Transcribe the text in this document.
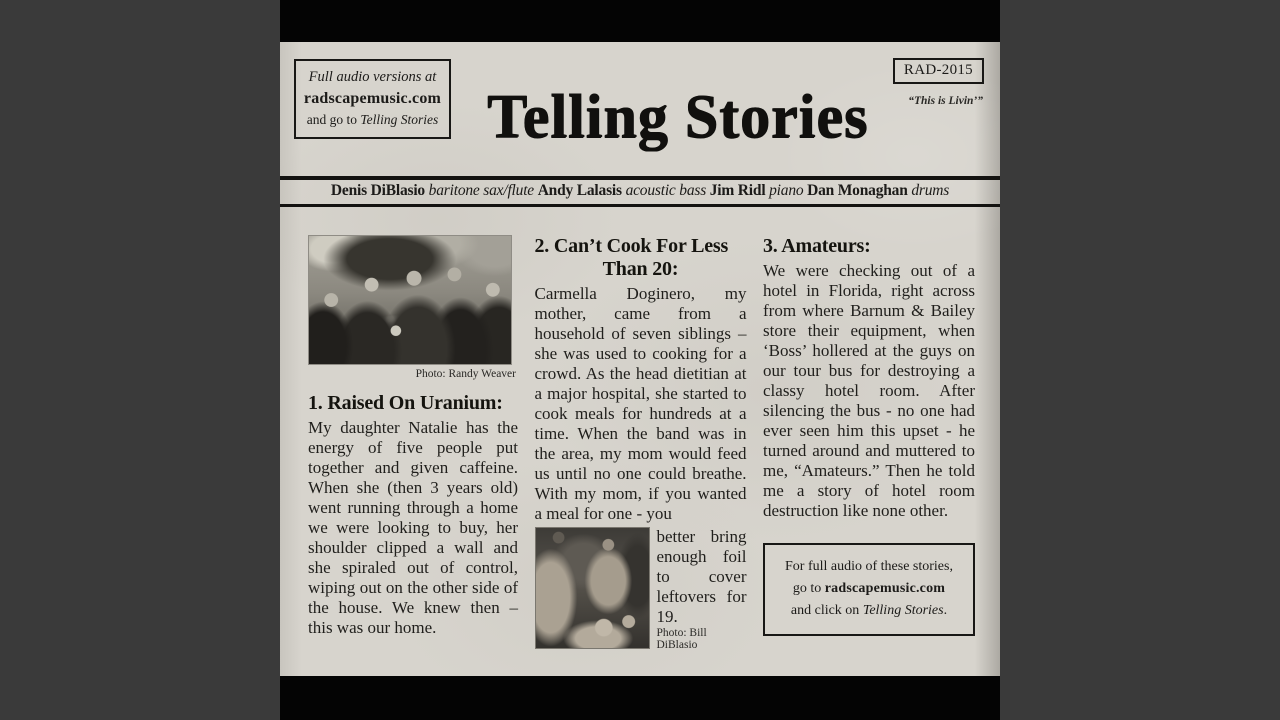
Full audio versions at
radscapemusic.com
and go to Telling Stories Telling Stories
RAD-2015
“This is Livin’”
Denis DiBlasio baritone sax/flute Andy Lalasis acoustic bass Jim Ridl piano Dan Monaghan drums
Photo: Randy Weaver
1. Raised On Uranium:
My daughter Natalie has the energy of five people put together and given caffeine. When she (then 3 years old) went running through a home we were looking to buy, her shoulder clipped a wall and she spiraled out of control, wiping out on the other side of the house. We knew then – this was our home.
2. Can’t Cook For Less
Than 20:
Carmella Doginero, my mother, came from a household of seven siblings – she was used to cooking for a crowd. As the head dietitian at a major hospital, she started to cook meals for hundreds at a time. When the band was in the area, my mom would feed us until no one could breathe. With my mom, if you wanted a meal for one - you
better bring enough foil to cover leftovers for 19.
Photo: Bill DiBlasio
3. Amateurs:
We were checking out of a hotel in Florida, right across from where Barnum & Bailey store their equipment, when ‘Boss’ hollered at the guys on our tour bus for destroying a classy hotel room. After silencing the bus - no one had ever seen him this upset - he turned around and muttered to me, “Amateurs.” Then he told me a story of hotel room destruction like none other.
For full audio of these stories,
go to radscapemusic.com
and click on Telling Stories.
